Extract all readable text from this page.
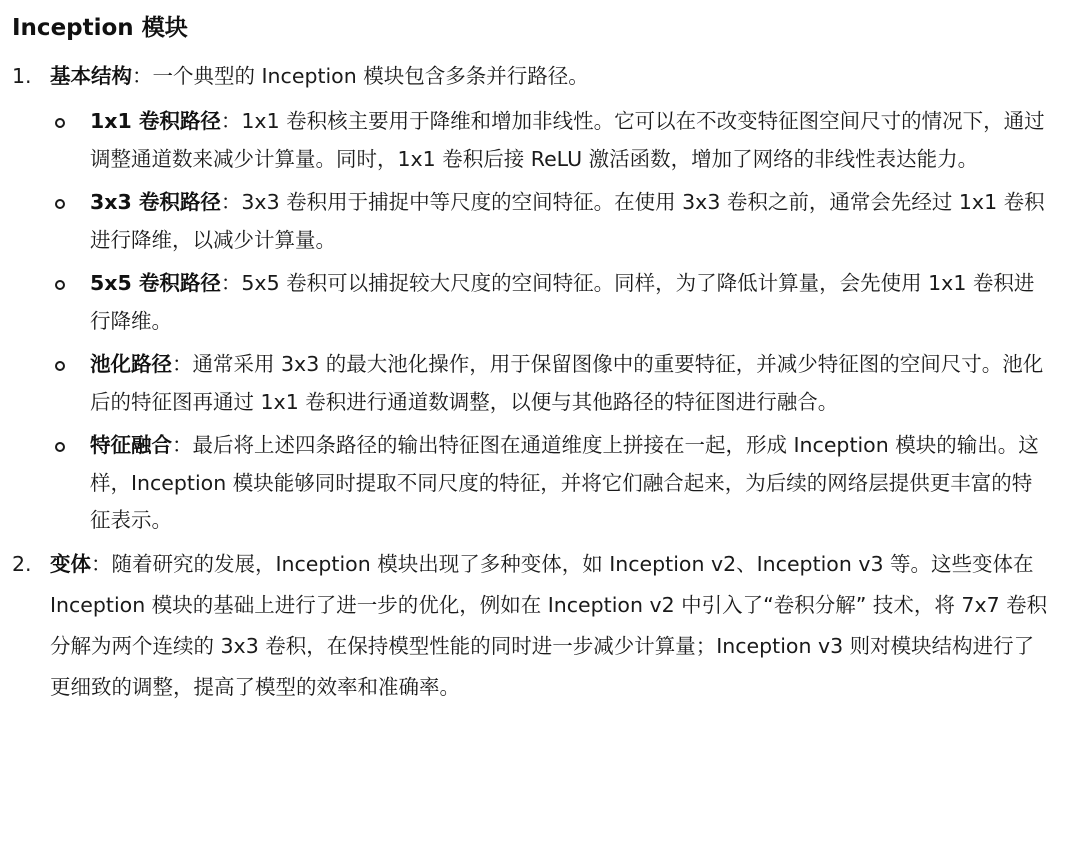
Inception 模块
1. 基本结构：一个典型的 Inception 模块包含多条并行路径。
1x1 卷积路径：1x1 卷积核主要用于降维和增加非线性。它可以在不改变特征图空间尺寸的情况下，通过调整通道数来减少计算量。同时，1x1 卷积后接 ReLU 激活函数，增加了网络的非线性表达能力。
3x3 卷积路径：3x3 卷积用于捕捉中等尺度的空间特征。在使用 3x3 卷积之前，通常会先经过 1x1 卷积进行降维，以减少计算量。
5x5 卷积路径：5x5 卷积可以捕捉较大尺度的空间特征。同样，为了降低计算量，会先使用 1x1 卷积进行降维。
池化路径：通常采用 3x3 的最大池化操作，用于保留图像中的重要特征，并减少特征图的空间尺寸。池化后的特征图再通过 1x1 卷积进行通道数调整，以便与其他路径的特征图进行融合。
特征融合：最后将上述四条路径的输出特征图在通道维度上拼接在一起，形成 Inception 模块的输出。这样，Inception 模块能够同时提取不同尺度的特征，并将它们融合起来，为后续的网络层提供更丰富的特征表示。
2. 变体：随着研究的发展，Inception 模块出现了多种变体，如 Inception v2、Inception v3 等。这些变体在 Inception 模块的基础上进行了进一步的优化，例如在 Inception v2 中引入了“卷积分解” 技术，将 7x7 卷积分解为两个连续的 3x3 卷积，在保持模型性能的同时进一步减少计算量；Inception v3 则对模块结构进行了更细致的调整，提高了模型的效率和准确率。
